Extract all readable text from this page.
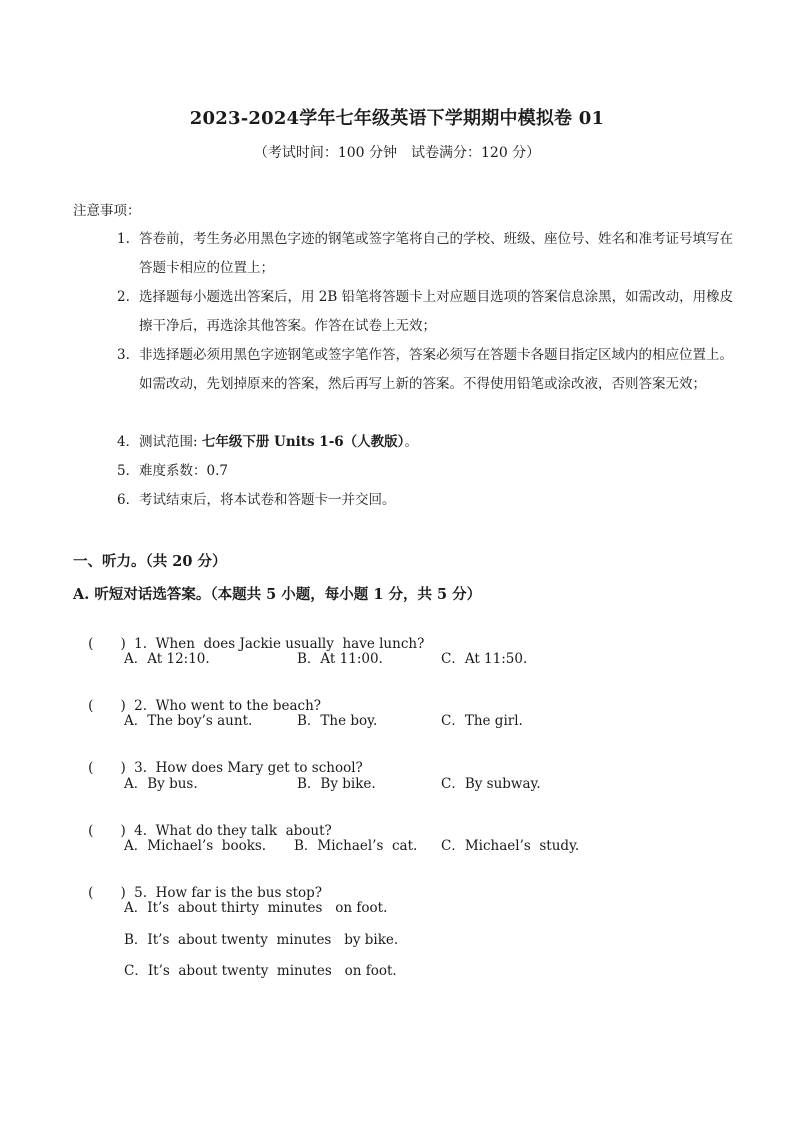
2023-2024学年七年级英语下学期期中模拟卷 01
（考试时间：100 分钟　试卷满分：120 分）
注意事项：
1. 答卷前，考生务必用黑色字迹的钢笔或签字笔将自己的学校、班级、座位号、姓名和准考证号填写在答题卡相应的位置上；
2. 选择题每小题选出答案后，用 2B 铅笔将答题卡上对应题目选项的答案信息涂黑，如需改动，用橡皮擦干净后，再选涂其他答案。作答在试卷上无效；
3. 非选择题必须用黑色字迹钢笔或签字笔作答，答案必须写在答题卡各题目指定区域内的相应位置上。如需改动，先划掉原来的答案，然后再写上新的答案。不得使用铅笔或涂改液，否则答案无效；
4．测试范围: 七年级下册 Units 1-6（人教版）。
5．难度系数：0.7
6．考试结束后，将本试卷和答题卡一并交回。
一、听力。（共 20 分）
A. 听短对话选答案。（本题共 5 小题，每小题 1 分，共 5 分）

(　　) 1.  When  does Jackie usually  have lunch?

A．At 12:10.	B．At 11:00.	C．At 11:50.

(　　) 2.  Who went to the beach?

A．The boy’s aunt.	B．The boy.	C．The girl.

(　　) 3.  How does Mary get to school?

A．By bus.	B．By bike.	C．By subway.

(　　) 4.  What do they talk  about?

A．Michael’s  books. B．Michael’s  cat. C．Michael’s  study.

(　　) 5.  How far is the bus stop?

A．It’s  about thirty  minutes   on foot.
B．It’s  about twenty  minutes   by bike.
C．It’s  about twenty  minutes   on foot.
